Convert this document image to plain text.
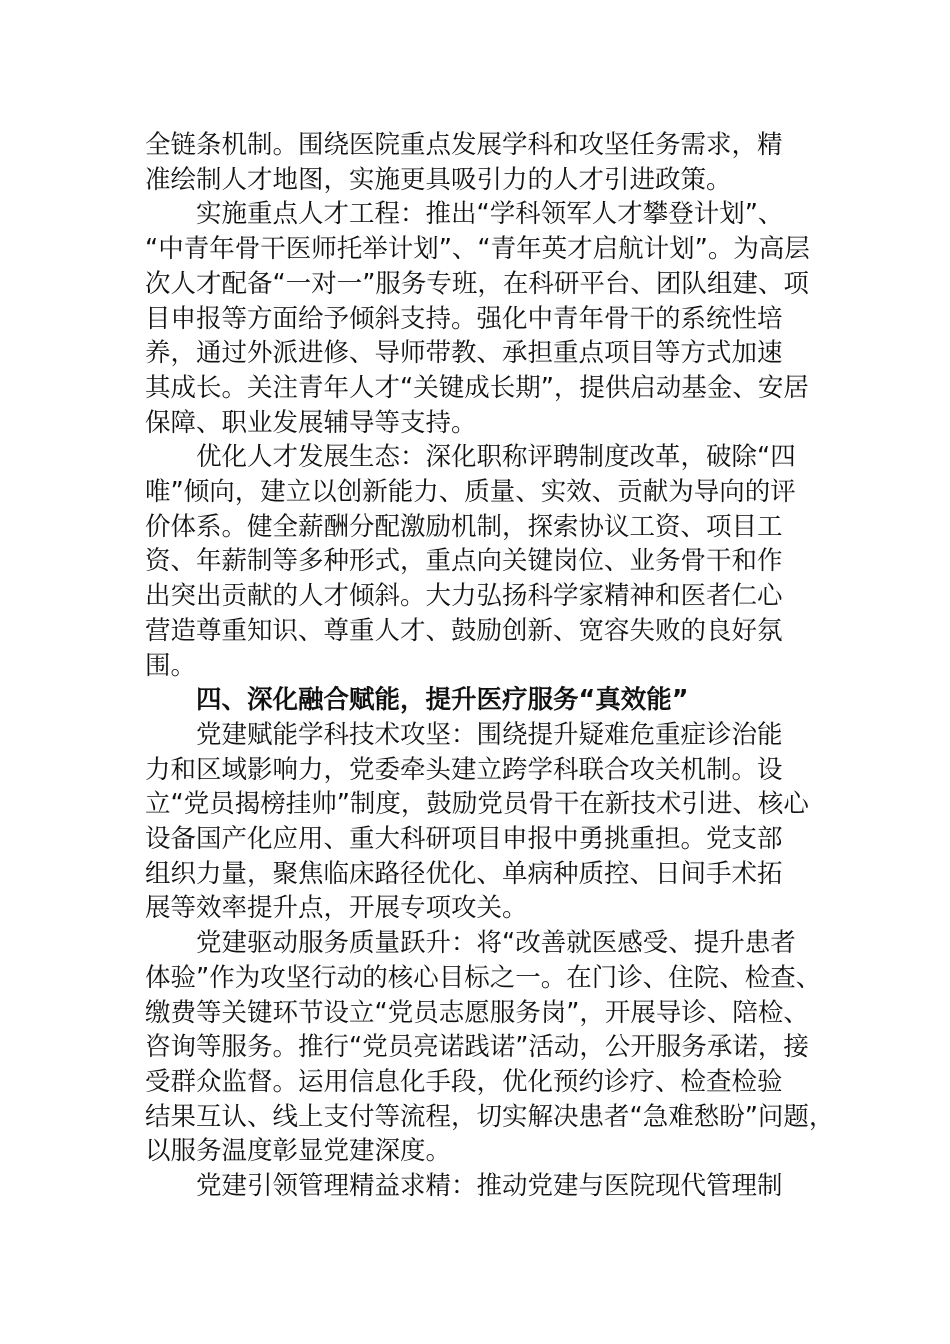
全链条机制。围绕医院重点发展学科和攻坚任务需求，精
准绘制人才地图，实施更具吸引力的人才引进政策。

实施重点人才工程：推出“学科领军人才攀登计划”、
“中青年骨干医师托举计划”、“青年英才启航计划”。为高层
次人才配备“一对一”服务专班，在科研平台、团队组建、项
目申报等方面给予倾斜支持。强化中青年骨干的系统性培
养，通过外派进修、导师带教、承担重点项目等方式加速
其成长。关注青年人才“关键成长期”，提供启动基金、安居
保障、职业发展辅导等支持。

优化人才发展生态：深化职称评聘制度改革，破除“四
唯”倾向，建立以创新能力、质量、实效、贡献为导向的评
价体系。健全薪酬分配激励机制，探索协议工资、项目工
资、年薪制等多种形式，重点向关键岗位、业务骨干和作
出突出贡献的人才倾斜。大力弘扬科学家精神和医者仁心
营造尊重知识、尊重人才、鼓励创新、宽容失败的良好氛
围。

四、深化融合赋能，提升医疗服务“真效能”

党建赋能学科技术攻坚：围绕提升疑难危重症诊治能
力和区域影响力，党委牵头建立跨学科联合攻关机制。设
立“党员揭榜挂帅”制度，鼓励党员骨干在新技术引进、核心
设备国产化应用、重大科研项目申报中勇挑重担。党支部
组织力量，聚焦临床路径优化、单病种质控、日间手术拓
展等效率提升点，开展专项攻关。

党建驱动服务质量跃升：将“改善就医感受、提升患者
体验”作为攻坚行动的核心目标之一。在门诊、住院、检查、
缴费等关键环节设立“党员志愿服务岗”，开展导诊、陪检、
咨询等服务。推行“党员亮诺践诺”活动，公开服务承诺，接
受群众监督。运用信息化手段，优化预约诊疗、检查检验
结果互认、线上支付等流程，切实解决患者“急难愁盼”问题，
以服务温度彰显党建深度。

党建引领管理精益求精：推动党建与医院现代管理制
